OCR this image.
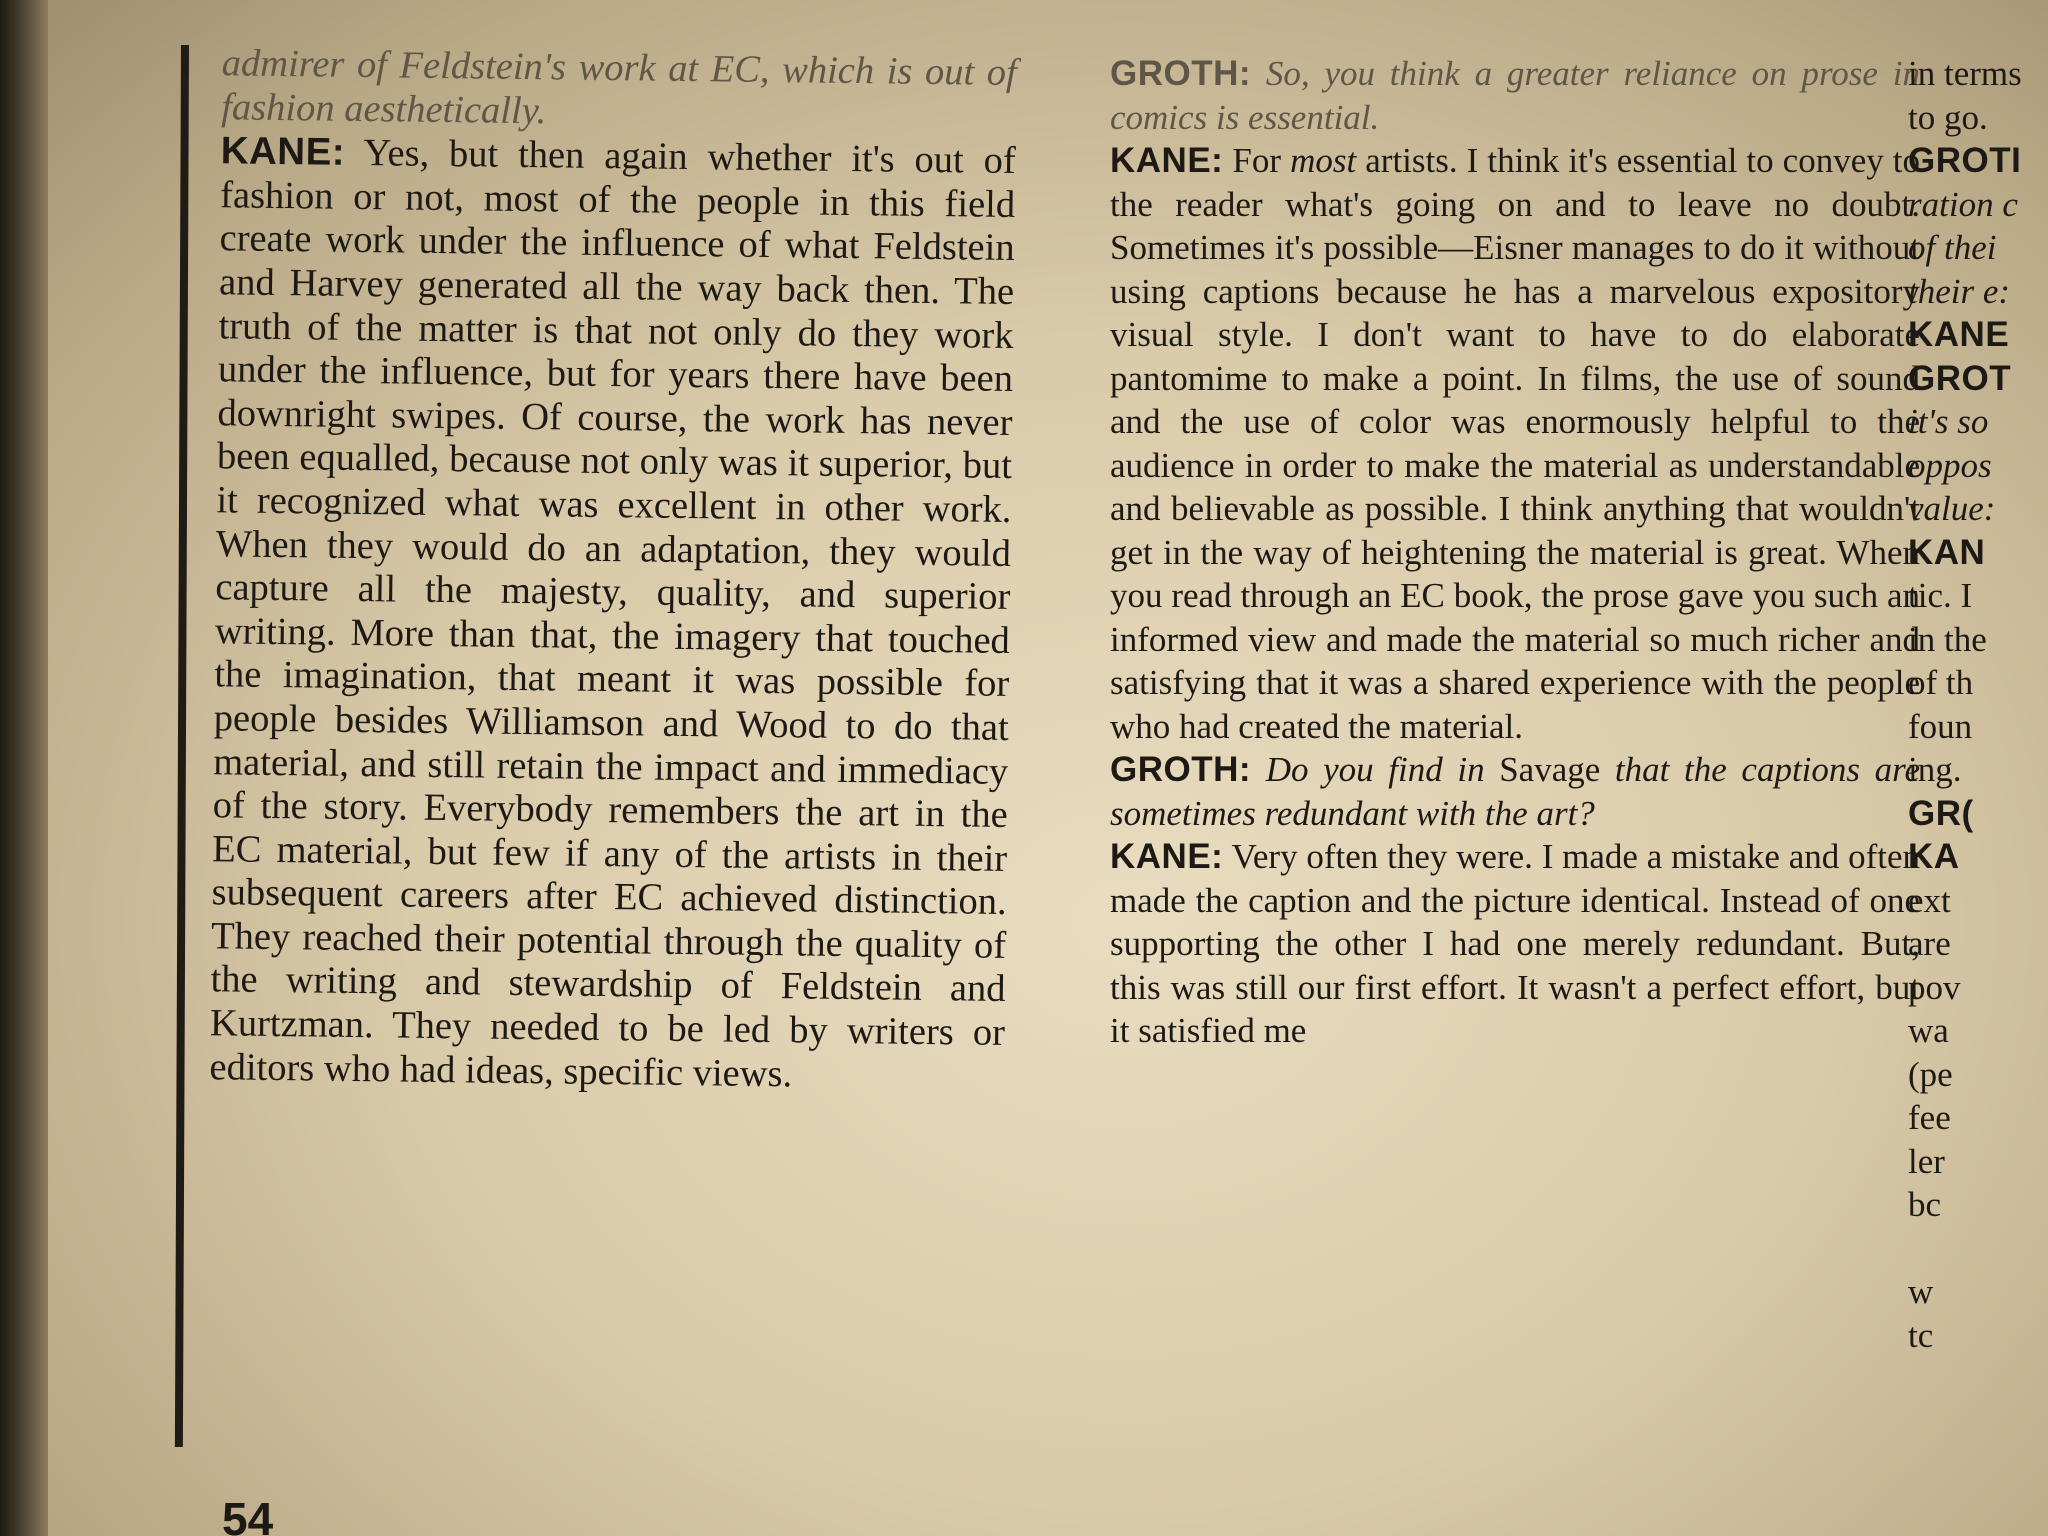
admirer of Feldstein's work at EC, which is out of fashion aesthetically.

KANE: Yes, but then again whether it's out of fashion or not, most of the people in this field create work under the influence of what Feldstein and Harvey generated all the way back then. The truth of the matter is that not only do they work under the influence, but for years there have been downright swipes. Of course, the work has never been equalled, because not only was it superior, but it recognized what was excellent in other work. When they would do an adaptation, they would capture all the majesty, quality, and superior writing. More than that, the imagery that touched the imagination, that meant it was possible for people besides Williamson and Wood to do that material, and still retain the impact and immediacy of the story. Everybody remembers the art in the EC material, but few if any of the artists in their subsequent careers after EC achieved distinction. They reached their potential through the quality of the writing and stewardship of Feldstein and Kurtzman. They needed to be led by writers or editors who had ideas, specific views.

GROTH: So, you think a greater reliance on prose in comics is essential.

KANE: For most artists. I think it's essential to convey to the reader what's going on and to leave no doubt. Sometimes it's possible—Eisner manages to do it without using captions because he has a marvelous expository visual style. I don't want to have to do elaborate pantomime to make a point. In films, the use of sound and the use of color was enormously helpful to the audience in order to make the material as understandable and believable as possible. I think anything that wouldn't get in the way of heightening the material is great. When you read through an EC book, the prose gave you such an informed view and made the material so much richer and satisfying that it was a shared experience with the people who had created the material.

GROTH: Do you find in Savage that the captions are sometimes redundant with the art?

KANE: Very often they were. I made a mistake and often made the caption and the picture identical. Instead of one supporting the other I had one merely redundant. But, this was still our first effort. It wasn't a perfect effort, but it satisfied me

in terms
to go.
GROTI
ration c
of thei
their e:
KANE
GROT
it's so
oppos
value:
KAN
tic. I
in the
of th
foun
ing.
GR(
KA
ext
are
pov
wa
(pe
fee
ler
bc

w
tc
54
